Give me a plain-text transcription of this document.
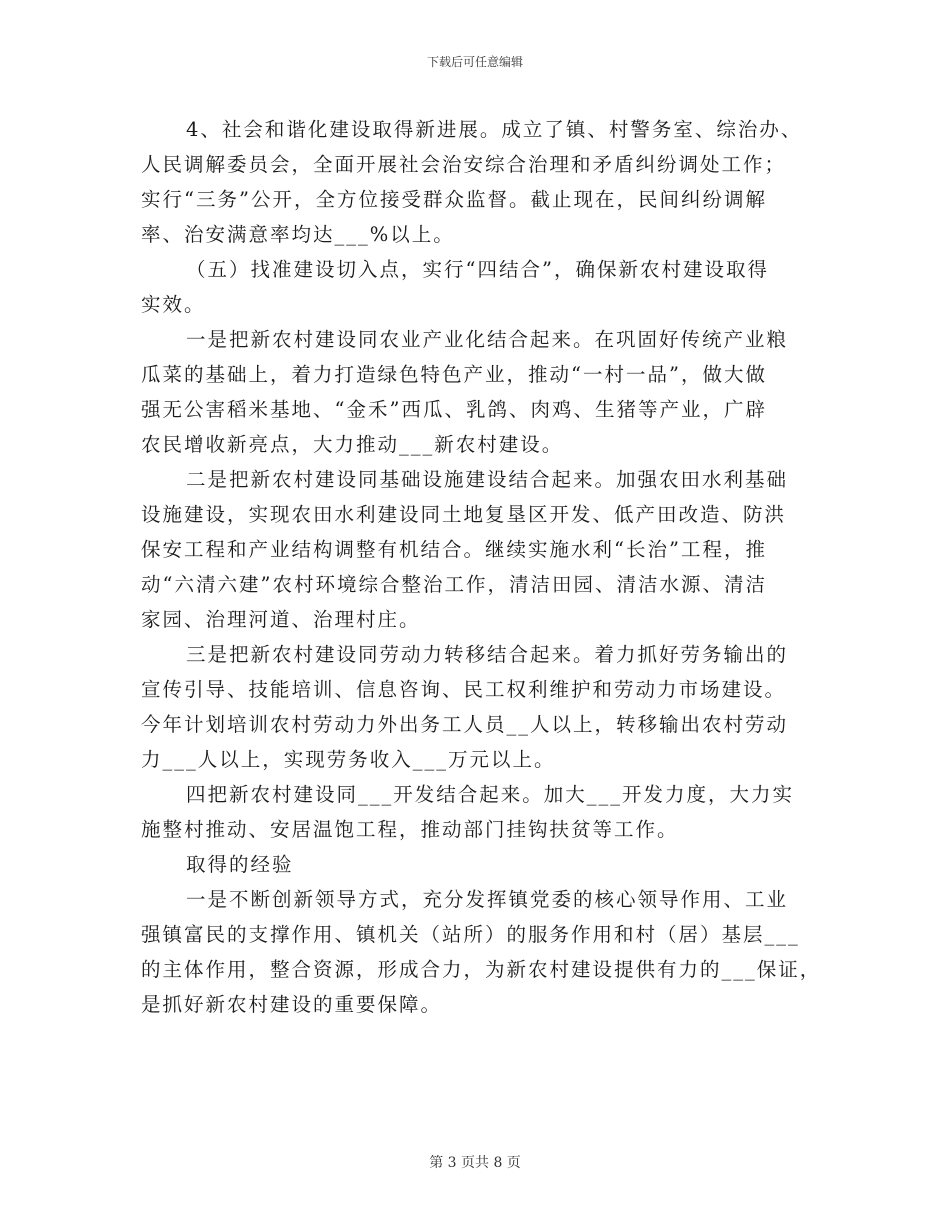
下载后可任意编辑
4、社会和谐化建设取得新进展。成立了镇、村警务室、综治办、
人民调解委员会，全面开展社会治安综合治理和矛盾纠纷调处工作；
实行“三务”公开，全方位接受群众监督。截止现在，民间纠纷调解
率、治安满意率均达___%以上。
（五）找准建设切入点，实行“四结合”，确保新农村建设取得
实效。
一是把新农村建设同农业产业化结合起来。在巩固好传统产业粮
瓜菜的基础上，着力打造绿色特色产业，推动“一村一品”，做大做
强无公害稻米基地、“金禾”西瓜、乳鸽、肉鸡、生猪等产业，广辟
农民增收新亮点，大力推动___新农村建设。
二是把新农村建设同基础设施建设结合起来。加强农田水利基础
设施建设，实现农田水利建设同土地复垦区开发、低产田改造、防洪
保安工程和产业结构调整有机结合。继续实施水利“长治”工程，推
动“六清六建”农村环境综合整治工作，清洁田园、清洁水源、清洁
家园、治理河道、治理村庄。
三是把新农村建设同劳动力转移结合起来。着力抓好劳务输出的
宣传引导、技能培训、信息咨询、民工权利维护和劳动力市场建设。
今年计划培训农村劳动力外出务工人员__人以上，转移输出农村劳动
力___人以上，实现劳务收入___万元以上。
四把新农村建设同___开发结合起来。加大___开发力度，大力实
施整村推动、安居温饱工程，推动部门挂钩扶贫等工作。
取得的经验
一是不断创新领导方式，充分发挥镇党委的核心领导作用、工业
强镇富民的支撑作用、镇机关（站所）的服务作用和村（居）基层___
的主体作用，整合资源，形成合力，为新农村建设提供有力的___保证，
是抓好新农村建设的重要保障。
第 3 页共 8 页
